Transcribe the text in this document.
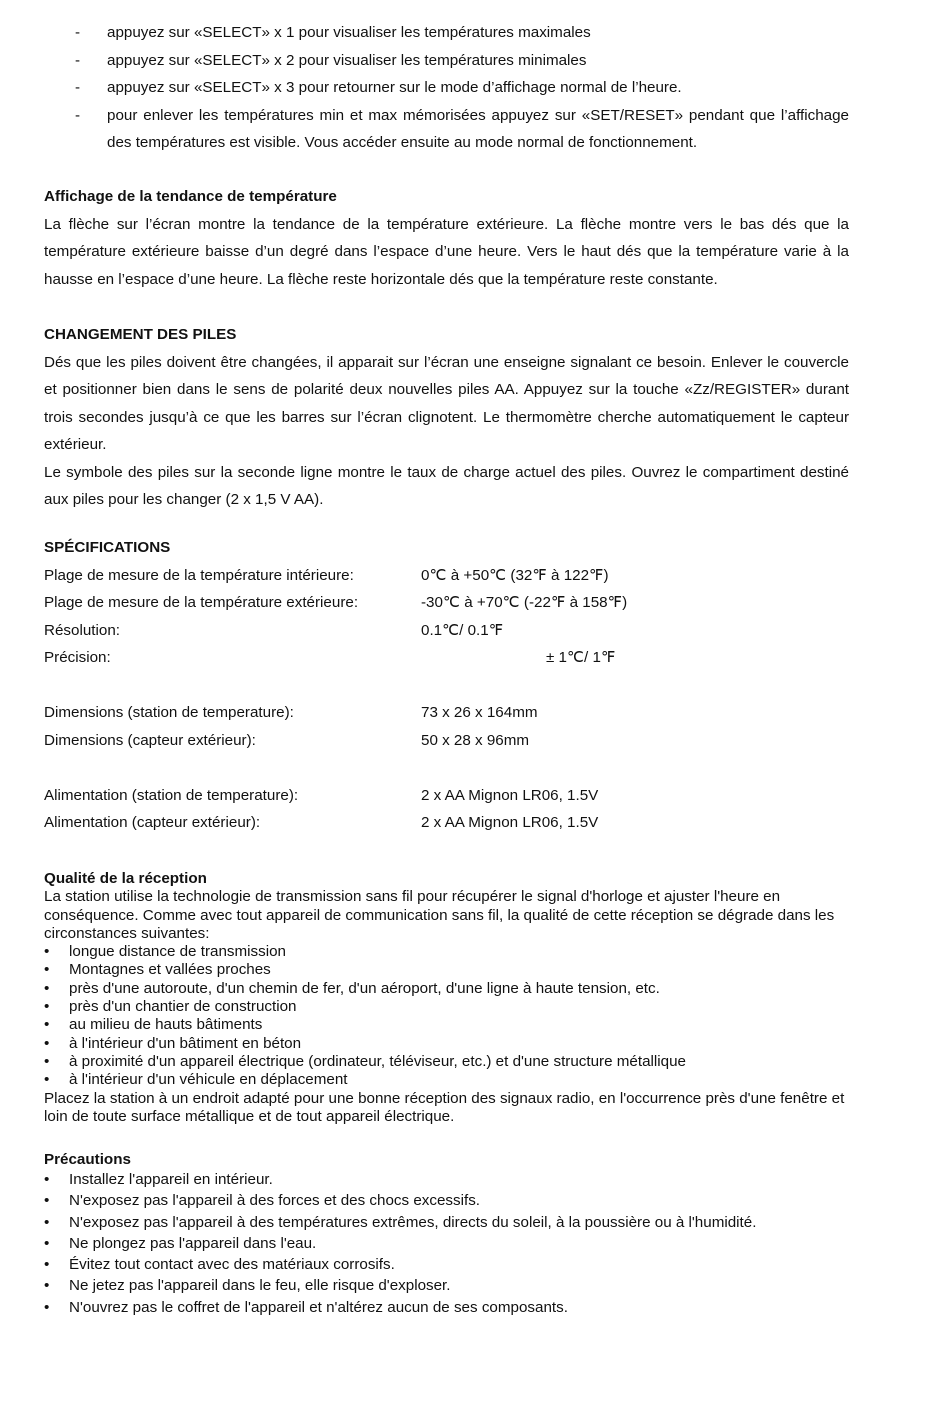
- appuyez sur «SELECT» x 1 pour visualiser les températures maximales
- appuyez sur «SELECT» x 2 pour visualiser les températures minimales
- appuyez sur «SELECT» x 3 pour retourner sur le mode d’affichage normal de l’heure.
- pour enlever les températures min et max mémorisées appuyez sur «SET/RESET» pendant que l’affichage des températures est visible. Vous accéder ensuite au mode normal de fonctionnement.
Affichage de la tendance de température
La flèche sur l’écran montre la tendance de la température extérieure. La flèche montre vers le bas dés que la température extérieure baisse d’un degré dans l’espace d’une heure. Vers le haut dés que la température varie à la hausse en l’espace d’une heure. La flèche reste horizontale dés que la température reste constante.
CHANGEMENT DES PILES
Dés que les piles doivent être changées, il apparait sur l’écran une enseigne signalant ce besoin. Enlever le couvercle et positionner bien dans le sens de polarité deux nouvelles piles AA. Appuyez sur la touche «Zz/REGISTER» durant trois secondes jusqu’à ce que les barres sur l’écran clignotent. Le thermomètre cherche automatiquement le capteur extérieur.
Le symbole des piles sur la seconde ligne montre le taux de charge actuel des piles. Ouvrez le compartiment destiné aux piles pour les changer (2 x 1,5 V AA).
SPÉCIFICATIONS
Plage de mesure de la température intérieure:	0℃ à +50℃ (32℉ à 122℉)
Plage de mesure de la température extérieure:	-30℃ à +70℃ (-22℉ à 158℉)
Résolution:	0.1℃/ 0.1℉
Précision:	± 1℃/ 1℉
Dimensions (station de temperature):	73 x 26 x 164mm
Dimensions (capteur extérieur):	50 x 28 x 96mm
Alimentation (station de temperature):	2 x AA Mignon LR06, 1.5V
Alimentation (capteur extérieur):	2 x AA Mignon LR06, 1.5V
Qualité de la réception
La station utilise la technologie de transmission sans fil pour récupérer le signal d'horloge et ajuster l'heure en conséquence. Comme avec tout appareil de communication sans fil, la qualité de cette réception se dégrade dans les circonstances suivantes:
• longue distance de transmission
• Montagnes et vallées proches
• près d'une autoroute, d'un chemin de fer, d'un aéroport, d'une ligne à haute tension, etc.
• près d'un chantier de construction
• au milieu de hauts bâtiments
• à l'intérieur d'un bâtiment en béton
• à proximité d'un appareil électrique (ordinateur, téléviseur, etc.) et d'une structure métallique
• à l'intérieur d'un véhicule en déplacement
Placez la station à un endroit adapté pour une bonne réception des signaux radio, en l'occurrence près d'une fenêtre et loin de toute surface métallique et de tout appareil électrique.
Précautions
• Installez l'appareil en intérieur.
• N'exposez pas l'appareil à des forces et des chocs excessifs.
• N'exposez pas l'appareil à des températures extrêmes, directs du soleil, à la poussière ou à l'humidité.
• Ne plongez pas l'appareil dans l'eau.
• Évitez tout contact avec des matériaux corrosifs.
• Ne jetez pas l'appareil dans le feu, elle risque d'exploser.
• N'ouvrez pas le coffret de l'appareil et n'altérez aucun de ses composants.
